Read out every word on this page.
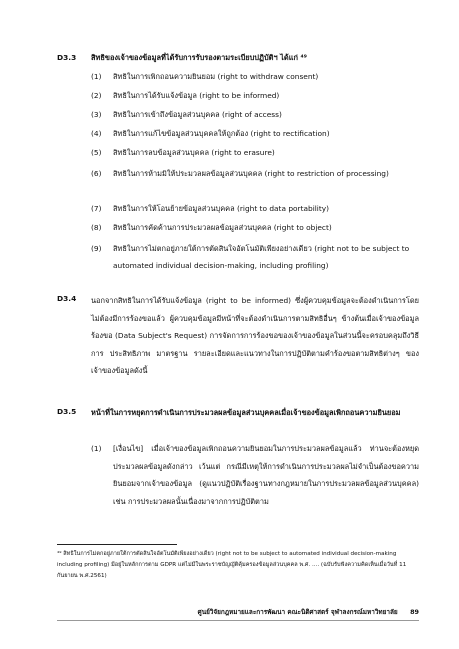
D3.3	สิทธิของเจ้าของข้อมูลที่ได้รับการรับรองตามระเบียบปฏิบัติฯ ได้แก่ ⁴⁹
(1) สิทธิในการเพิกถอนความยินยอม (right to withdraw consent)
(2) สิทธิในการได้รับแจ้งข้อมูล (right to be informed)
(3) สิทธิในการเข้าถึงข้อมูลส่วนบุคคล (right of access)
(4) สิทธิในการแก้ไขข้อมูลส่วนบุคคลให้ถูกต้อง (right to rectification)
(5) สิทธิในการลบข้อมูลส่วนบุคคล (right to erasure)
(6) สิทธิในการห้ามมิให้ประมวลผลข้อมูลส่วนบุคคล (right to restriction of processing)
(7) สิทธิในการให้โอนย้ายข้อมูลส่วนบุคคล (right to data portability)
(8) สิทธิในการคัดค้านการประมวลผลข้อมูลส่วนบุคคล (right to object)
(9) สิทธิในการไม่ตกอยู่ภายใต้การตัดสินใจอัตโนมัติเพียงอย่างเดียว (right not to be subject to automated individual decision-making, including profiling)
D3.4	นอกจากสิทธิในการได้รับแจ้งข้อมูล (right to be informed) ซึ่งผู้ควบคุมข้อมูลจะต้องดำเนินการโดยไม่ต้องมีการร้องขอแล้ว ผู้ควบคุมข้อมูลมีหน้าที่จะต้องดำเนินการตามสิทธิอื่นๆ ข้างต้นเมื่อเจ้าของข้อมูลร้องขอ (Data Subject's Request) การจัดการการร้องขอของเจ้าของข้อมูลในส่วนนี้จะครอบคลุมถึงวิธีการ ประสิทธิภาพ มาตรฐาน รายละเอียดและแนวทางในการปฏิบัติตามคำร้องขอตามสิทธิต่างๆ ของเจ้าของข้อมูลดังนี้
D3.5	หน้าที่ในการหยุดการดำเนินการประมวลผลข้อมูลส่วนบุคคลเมื่อเจ้าของข้อมูลเพิกถอนความยินยอม
(1) [เงื่อนไข] เมื่อเจ้าของข้อมูลเพิกถอนความยินยอมในการประมวลผลข้อมูลแล้ว ท่านจะต้องหยุดประมวลผลข้อมูลดังกล่าว เว้นแต่ กรณีมีเหตุให้การดำเนินการประมวลผลไม่จำเป็นต้องขอความยินยอมจากเจ้าของข้อมูล (ดูแนวปฏิบัติเรื่องฐานทางกฎหมายในการประมวลผลข้อมูลส่วนบุคคล) เช่น การประมวลผลนั้นเนื่องมาจากการปฏิบัติตาม
⁴⁹ สิทธิในการไม่ตกอยู่ภายใต้การตัดสินใจอัตโนมัติเพียงอย่างเดียว (right not to be subject to automated individual decision-making including profiling) มีอยู่ในหลักการตาม GDPR แต่ไม่มีในพระราชบัญญัติคุ้มครองข้อมูลส่วนบุคคล พ.ศ. .... (ฉบับรับฟังความคิดเห็นเมื่อวันที่ 11 กันยายน พ.ศ.2561)
ศูนย์วิจัยกฎหมายและการพัฒนา คณะนิติศาสตร์ จุฬาลงกรณ์มหาวิทยาลัย 89
